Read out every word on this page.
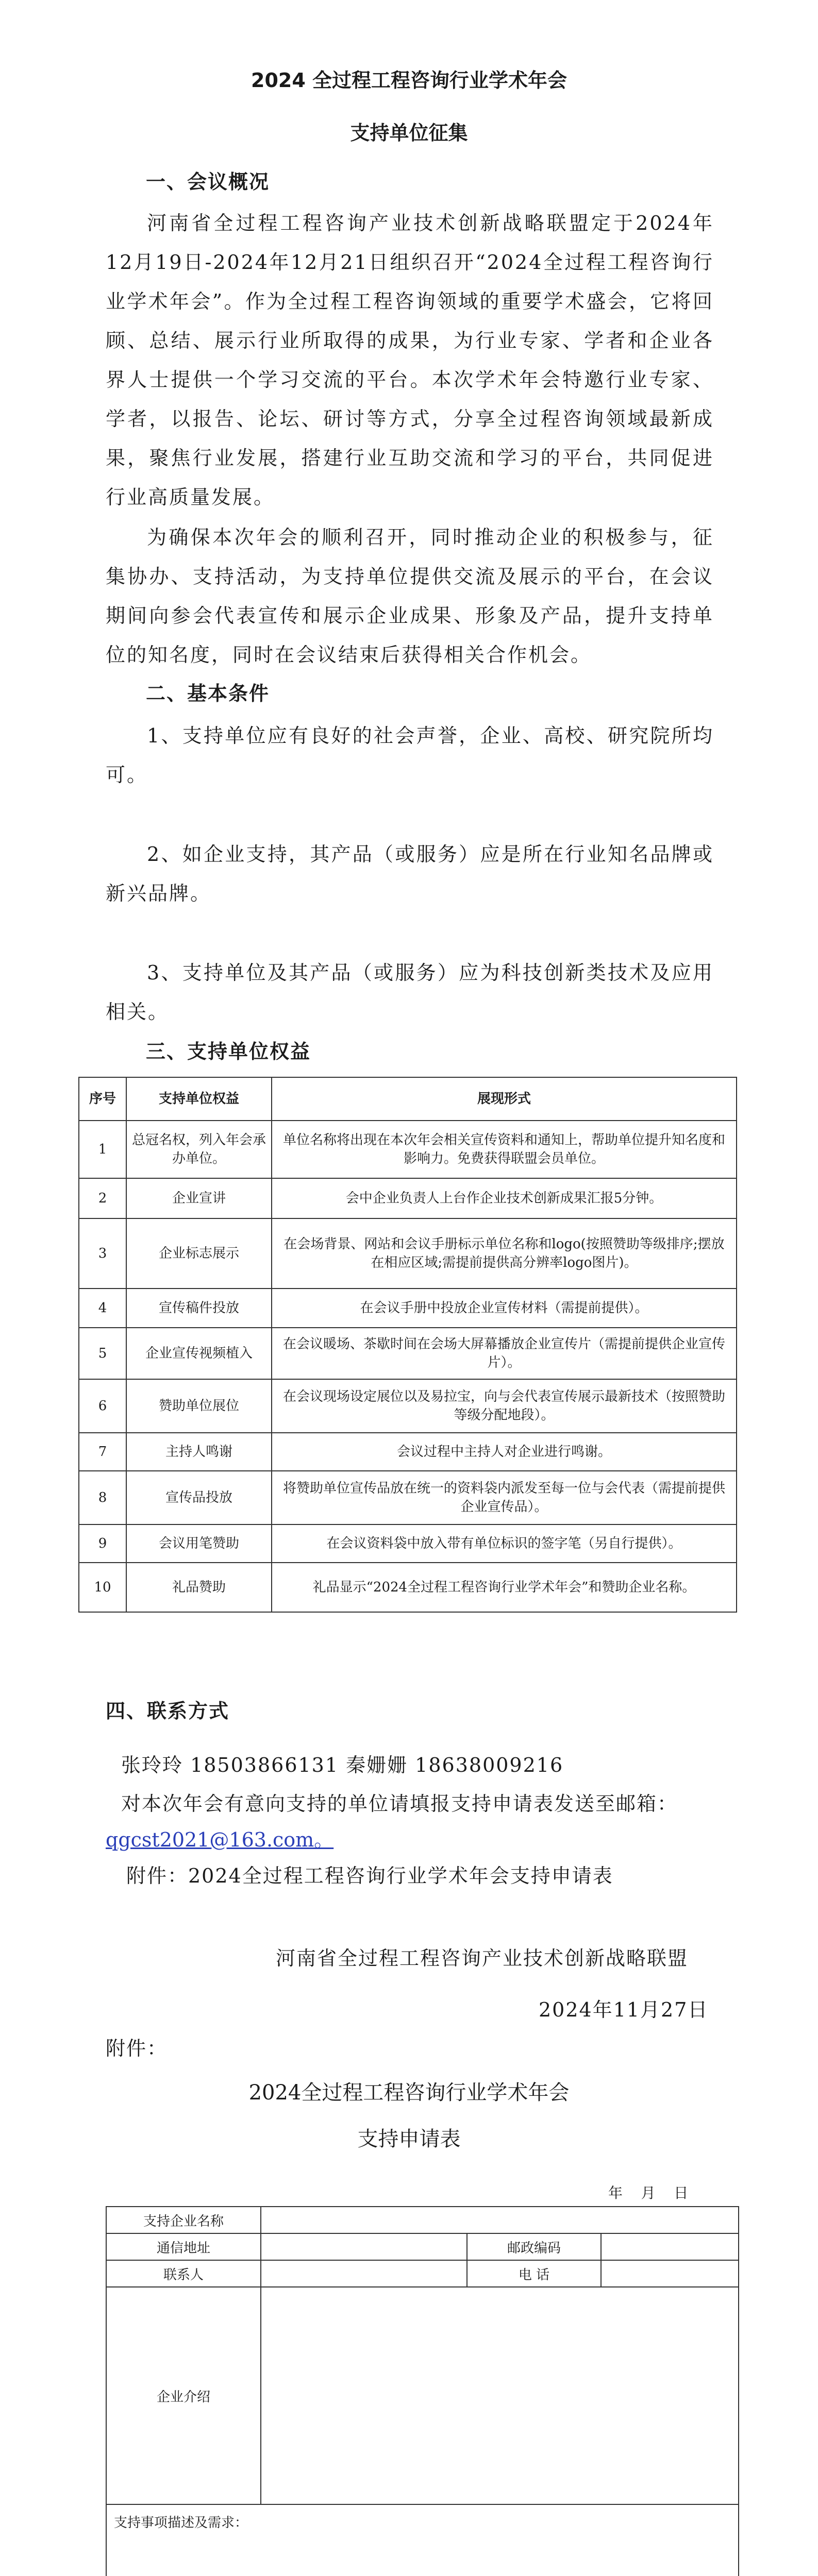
2024 全过程工程咨询行业学术年会
支持单位征集
一、会议概况

河南省全过程工程咨询产业技术创新战略联盟定于2024年12月19日-2024年12月21日组织召开“2024全过程工程咨询行业学术年会”。作为全过程工程咨询领域的重要学术盛会，它将回顾、总结、展示行业所取得的成果，为行业专家、学者和企业各界人士提供一个学习交流的平台。本次学术年会特邀行业专家、学者，以报告、论坛、研讨等方式，分享全过程咨询领域最新成果，聚焦行业发展，搭建行业互助交流和学习的平台，共同促进行业高质量发展。

为确保本次年会的顺利召开，同时推动企业的积极参与，征集协办、支持活动，为支持单位提供交流及展示的平台，在会议期间向参会代表宣传和展示企业成果、形象及产品，提升支持单位的知名度，同时在会议结束后获得相关合作机会。

二、基本条件

1、支持单位应有良好的社会声誉，企业、高校、研究院所均可。

2、如企业支持，其产品（或服务）应是所在行业知名品牌或新兴品牌。

3、支持单位及其产品（或服务）应为科技创新类技术及应用相关。

三、支持单位权益
序号	支持单位权益	展现形式
1	总冠名权，列入年会承办单位。	单位名称将出现在本次年会相关宣传资料和通知上，帮助单位提升知名度和影响力。免费获得联盟会员单位。
2	企业宣讲	会中企业负责人上台作企业技术创新成果汇报5分钟。
3	企业标志展示	在会场背景、网站和会议手册标示单位名称和logo(按照赞助等级排序;摆放在相应区域;需提前提供高分辨率logo图片)。
4	宣传稿件投放	在会议手册中投放企业宣传材料（需提前提供）。
5	企业宣传视频植入	在会议暖场、茶歇时间在会场大屏幕播放企业宣传片（需提前提供企业宣传片）。
6	赞助单位展位	在会议现场设定展位以及易拉宝，向与会代表宣传展示最新技术（按照赞助等级分配地段）。
7	主持人鸣谢	会议过程中主持人对企业进行鸣谢。
8	宣传品投放	将赞助单位宣传品放在统一的资料袋内派发至每一位与会代表（需提前提供企业宣传品）。
9	会议用笔赞助	在会议资料袋中放入带有单位标识的签字笔（另自行提供）。
10	礼品赞助	礼品显示“2024全过程工程咨询行业学术年会”和赞助企业名称。
四、联系方式
张玲玲 18503866131 秦姗姗 18638009216
对本次年会有意向支持的单位请填报支持申请表发送至邮箱：
qgcst2021@163.com。
附件：2024全过程工程咨询行业学术年会支持申请表
河南省全过程工程咨询产业技术创新战略联盟
2024年11月27日
附件：
2024全过程工程咨询行业学术年会
支持申请表
年    月    日
支持企业名称
通信地址	邮政编码
联系人	电 话
企业介绍
支持事项描述及需求：
